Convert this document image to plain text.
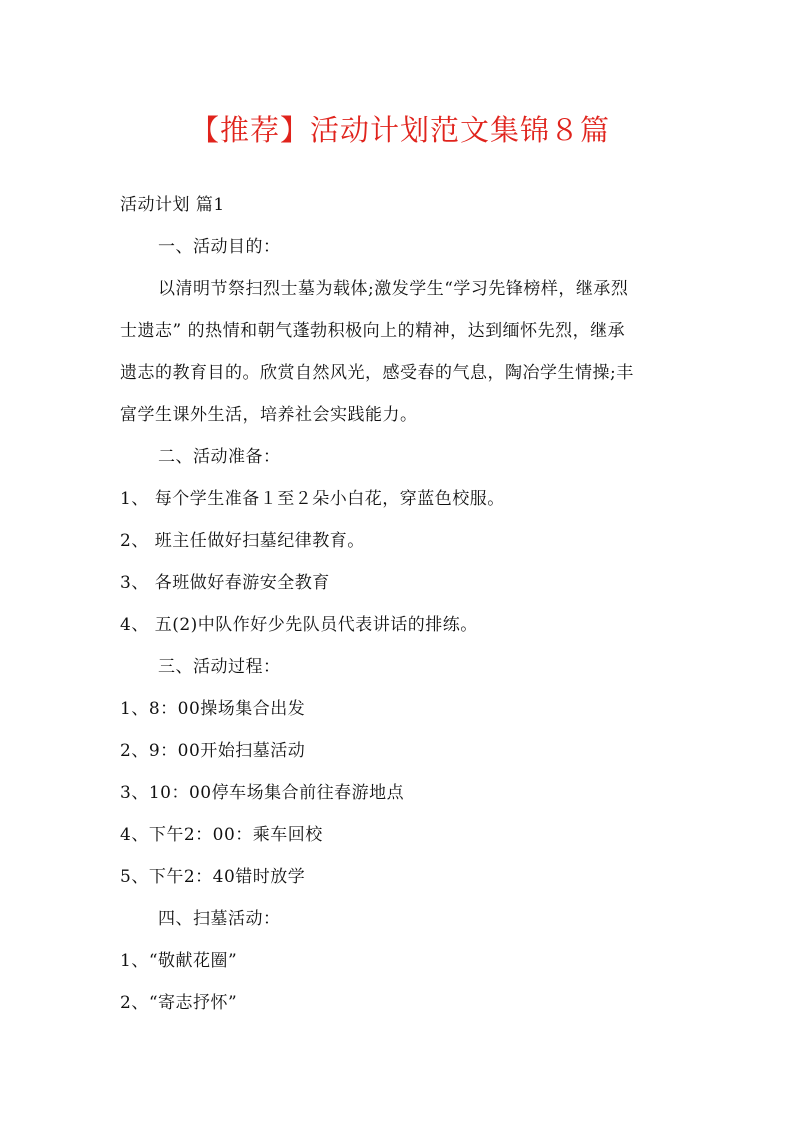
【推荐】活动计划范文集锦８篇
活动计划 篇1
一、活动目的：
以清明节祭扫烈士墓为载体;激发学生“学习先锋榜样，继承烈
士遗志” 的热情和朝气蓬勃积极向上的精神，达到缅怀先烈，继承
遗志的教育目的。欣赏自然风光，感受春的气息，陶冶学生情操;丰
富学生课外生活，培养社会实践能力。
二、活动准备：
1、 每个学生准备１至２朵小白花，穿蓝色校服。
2、 班主任做好扫墓纪律教育。
3、 各班做好春游安全教育
4、 五(2)中队作好少先队员代表讲话的排练。
三、活动过程：
1、8：00操场集合出发
2、9：00开始扫墓活动
3、10：00停车场集合前往春游地点
4、下午2：00：乘车回校
5、下午2：40错时放学
四、扫墓活动：
1、“敬献花圈”
2、“寄志抒怀”
